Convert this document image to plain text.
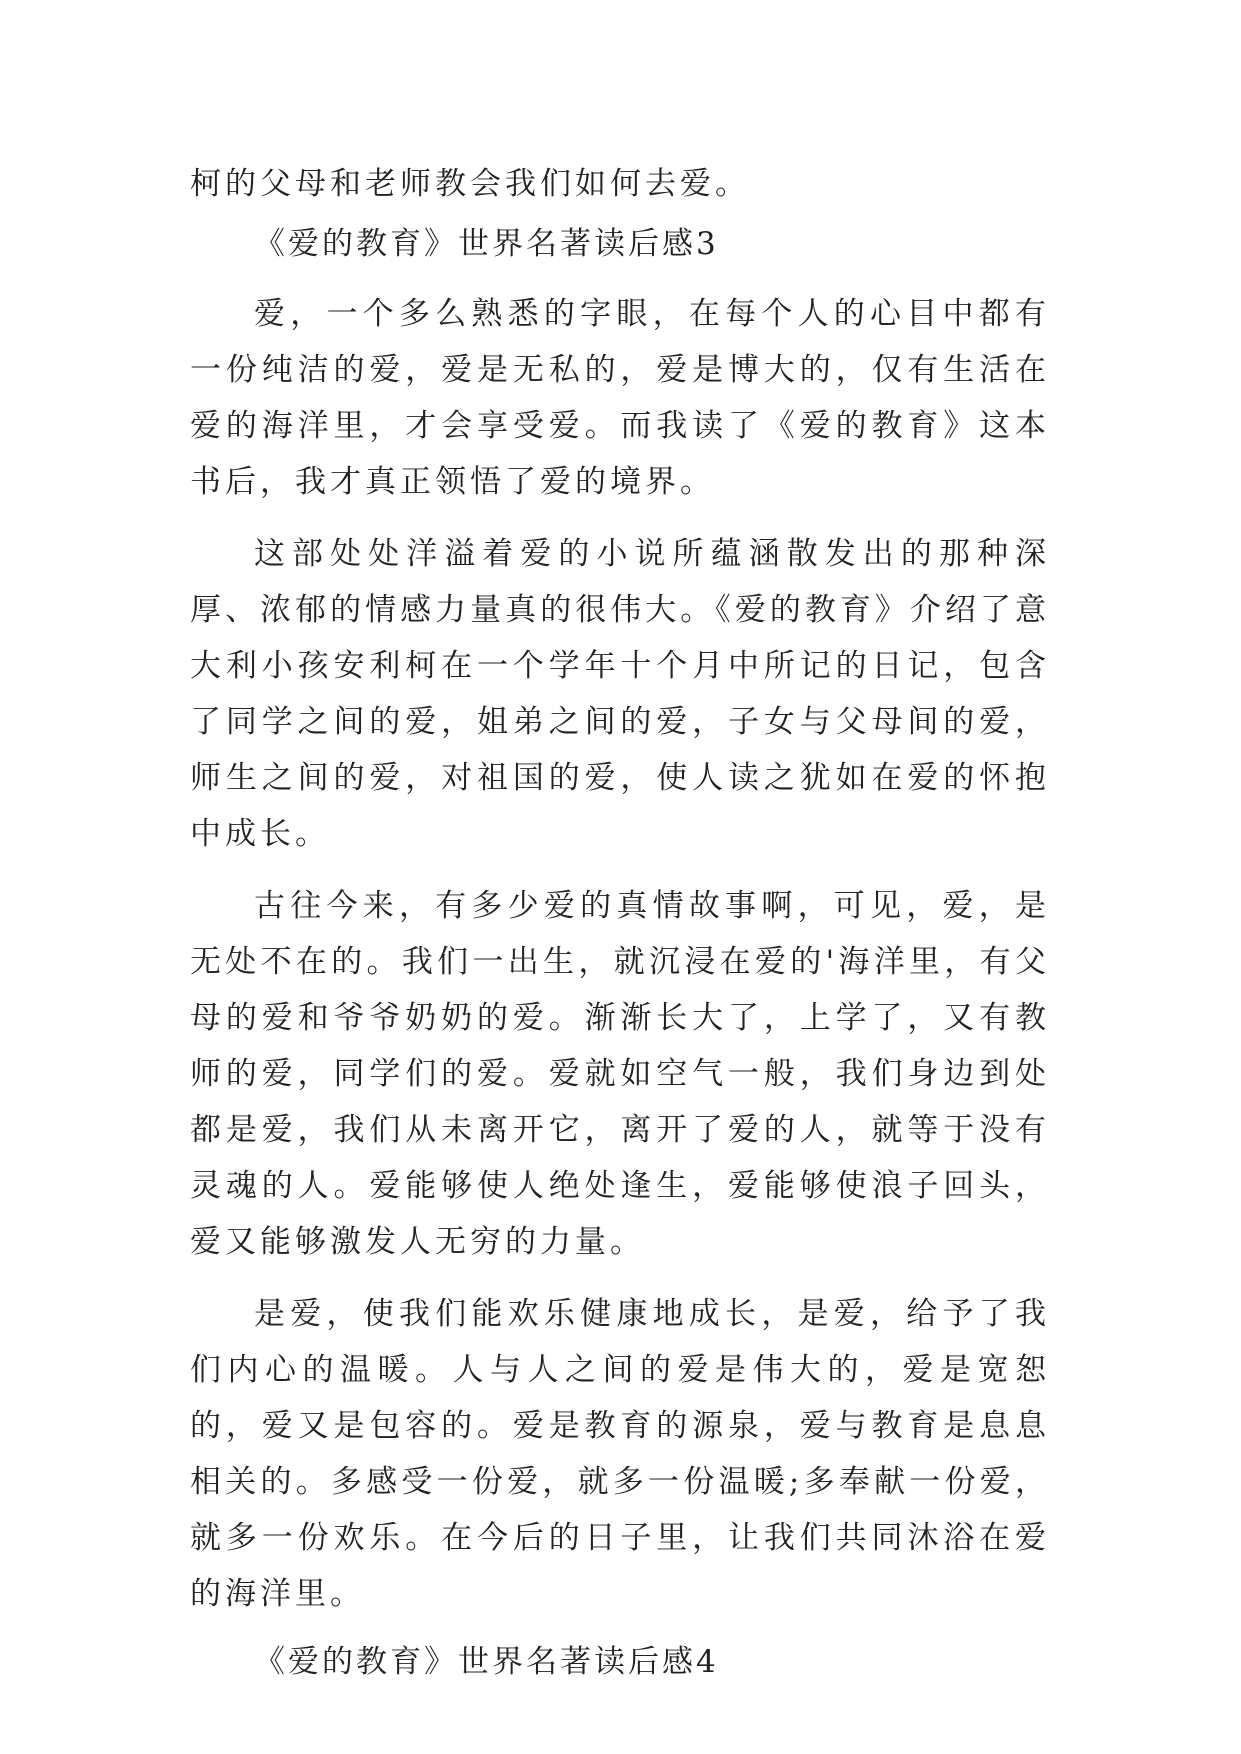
柯的父母和老师教会我们如何去爱。

《爱的教育》世界名著读后感3

爱，一个多么熟悉的字眼，在每个人的心目中都有一份纯洁的爱，爱是无私的，爱是博大的，仅有生活在爱的海洋里，才会享受爱。而我读了《爱的教育》这本书后，我才真正领悟了爱的境界。

这部处处洋溢着爱的小说所蕴涵散发出的那种深厚、浓郁的情感力量真的很伟大。《爱的教育》介绍了意大利小孩安利柯在一个学年十个月中所记的日记，包含了同学之间的爱，姐弟之间的爱，子女与父母间的爱，师生之间的爱，对祖国的爱，使人读之犹如在爱的怀抱中成长。

古往今来，有多少爱的真情故事啊，可见，爱，是无处不在的。我们一出生，就沉浸在爱的'海洋里，有父母的爱和爷爷奶奶的爱。渐渐长大了，上学了，又有教师的爱，同学们的爱。爱就如空气一般，我们身边到处都是爱，我们从未离开它，离开了爱的人，就等于没有灵魂的人。爱能够使人绝处逢生，爱能够使浪子回头，爱又能够激发人无穷的力量。

是爱，使我们能欢乐健康地成长，是爱，给予了我们内心的温暖。人与人之间的爱是伟大的，爱是宽恕的，爱又是包容的。爱是教育的源泉，爱与教育是息息相关的。多感受一份爱，就多一份温暖;多奉献一份爱，就多一份欢乐。在今后的日子里，让我们共同沐浴在爱的海洋里。

《爱的教育》世界名著读后感4
